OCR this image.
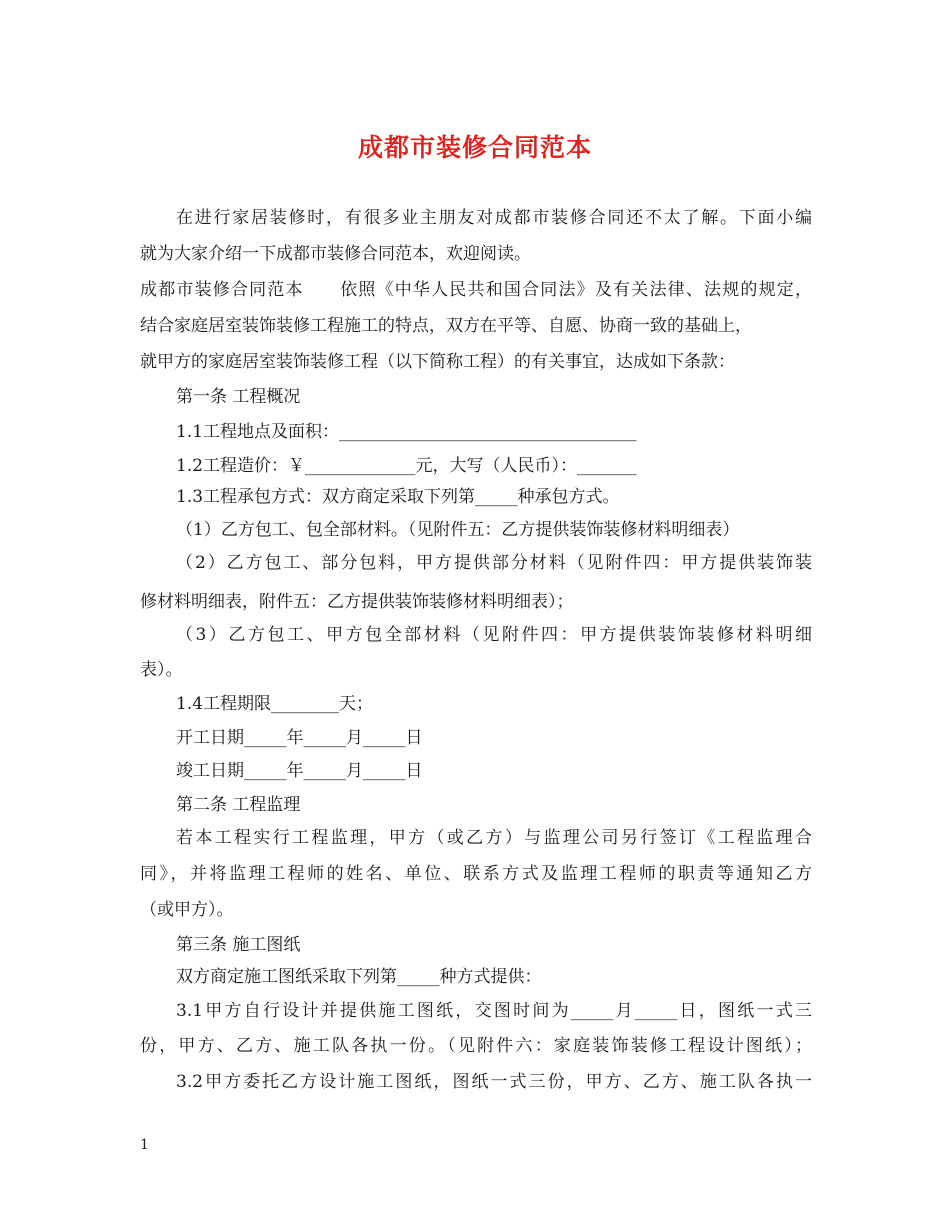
成都市装修合同范本
在进行家居装修时，有很多业主朋友对成都市装修合同还不太了解。下面小编
就为大家介绍一下成都市装修合同范本，欢迎阅读。
成都市装修合同范本　　依照《中华人民共和国合同法》及有关法律、法规的规定，
结合家庭居室装饰装修工程施工的特点，双方在平等、自愿、协商一致的基础上，
就甲方的家庭居室装饰装修工程（以下简称工程）的有关事宜，达成如下条款：
第一条 工程概况
1.1工程地点及面积：___________________________________
1.2工程造价：￥_____________元，大写（人民币）：_______
1.3工程承包方式：双方商定采取下列第_____种承包方式。
（1）乙方包工、包全部材料。（见附件五：乙方提供装饰装修材料明细表）
（2）乙方包工、部分包料，甲方提供部分材料（见附件四：甲方提供装饰装
修材料明细表，附件五：乙方提供装饰装修材料明细表）；
（3）乙方包工、甲方包全部材料（见附件四：甲方提供装饰装修材料明细
表）。
1.4工程期限________天；
开工日期_____年_____月_____日
竣工日期_____年_____月_____日
第二条 工程监理
若本工程实行工程监理，甲方（或乙方）与监理公司另行签订《工程监理合
同》，并将监理工程师的姓名、单位、联系方式及监理工程师的职责等通知乙方
（或甲方）。
第三条 施工图纸
双方商定施工图纸采取下列第_____种方式提供：
3.1甲方自行设计并提供施工图纸，交图时间为_____月_____日，图纸一式三
份，甲方、乙方、施工队各执一份。（见附件六：家庭装饰装修工程设计图纸）；
3.2甲方委托乙方设计施工图纸，图纸一式三份，甲方、乙方、施工队各执一
1
